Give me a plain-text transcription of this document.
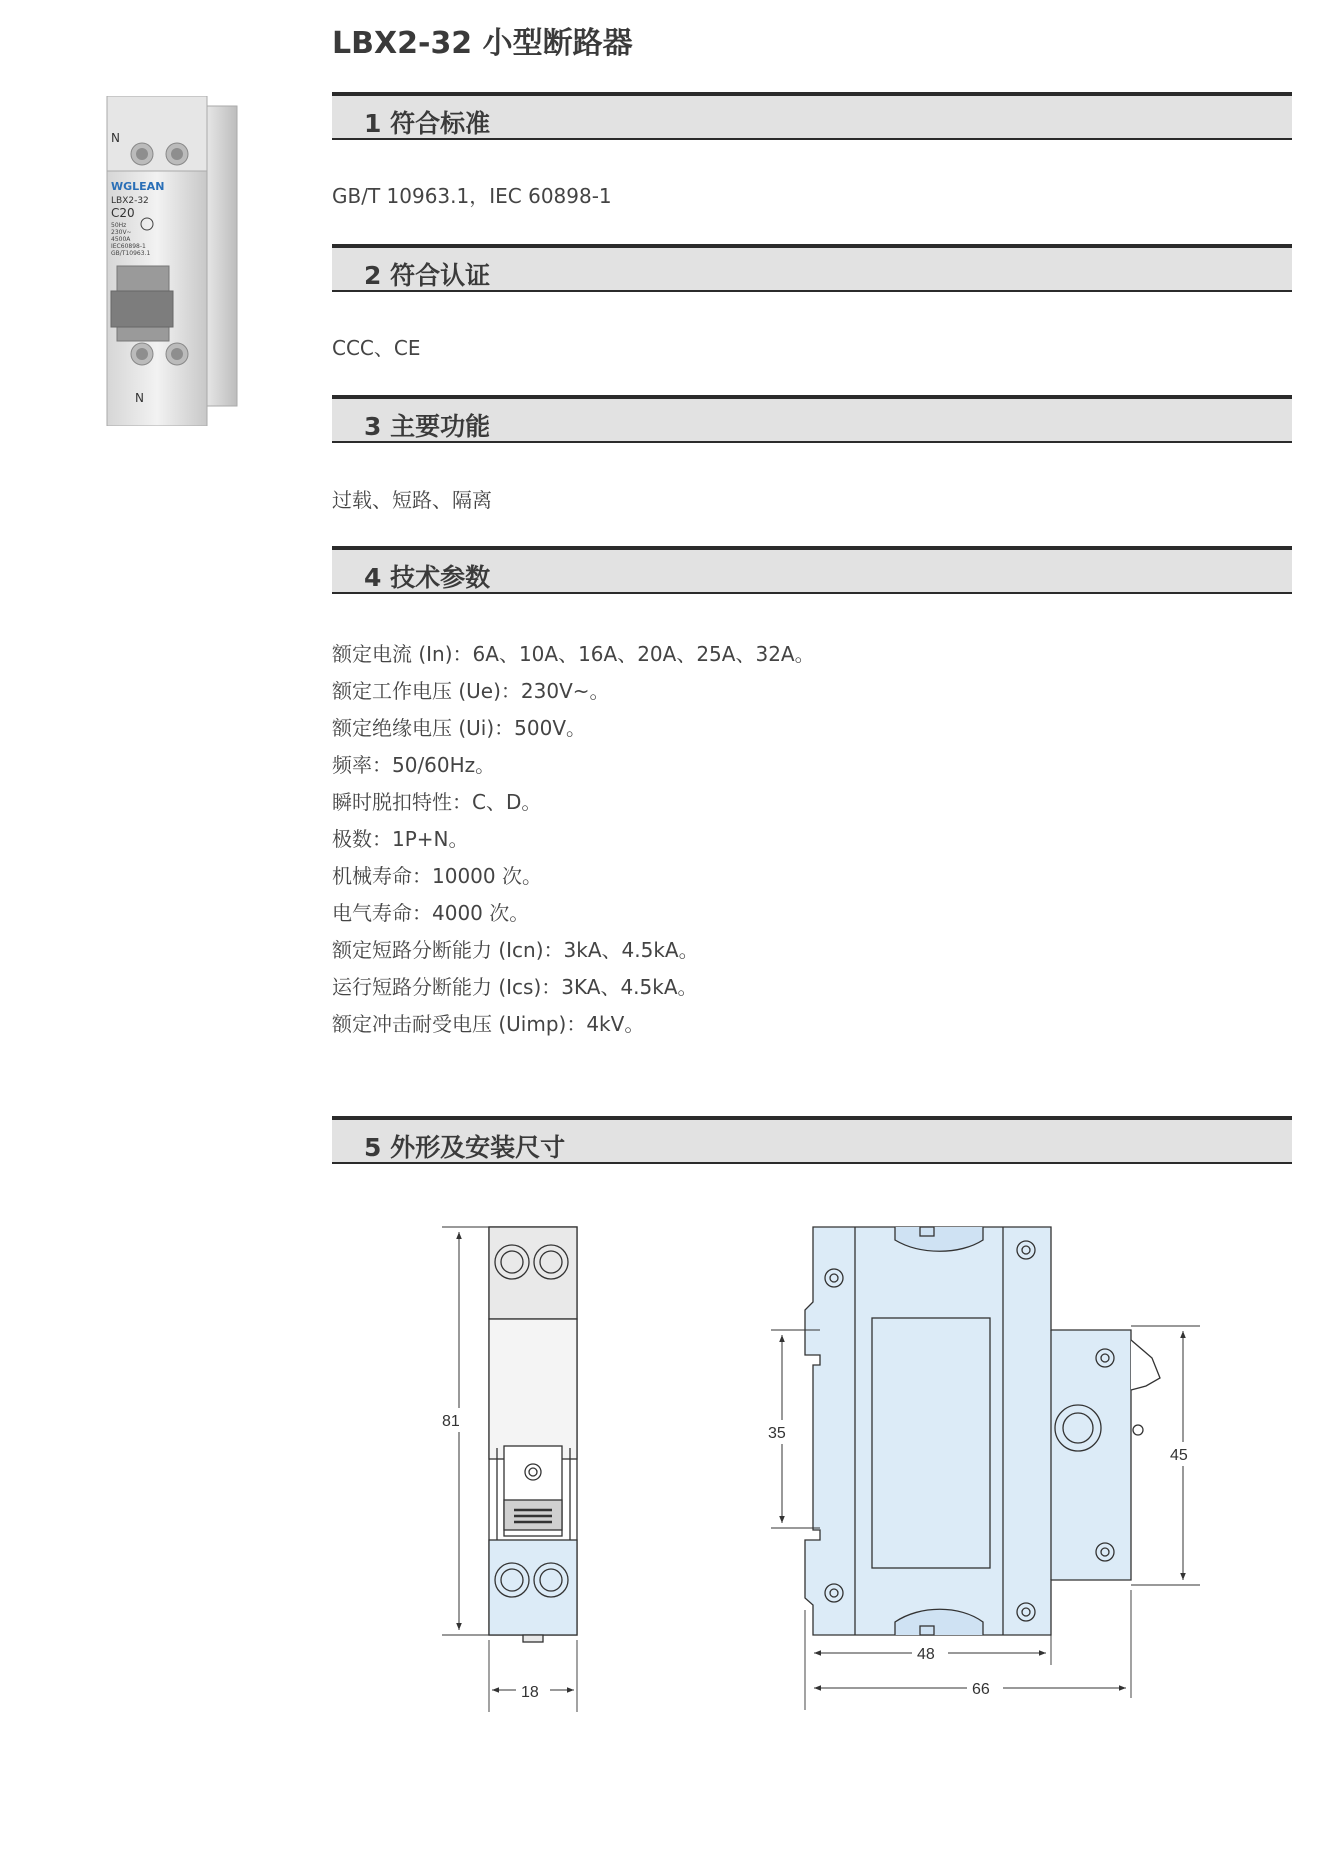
LBX2-32 小型断路器
N
WGLEAN
LBX2-32
C20
50Hz
230V~
4500A
IEC60898-1
GB/T10963.1
N
1 符合标准
GB/T 10963.1，IEC 60898-1
2 符合认证
CCC、CE
3 主要功能
过载、短路、隔离
4 技术参数
额定电流 (In)：6A、10A、16A、20A、25A、32A。
额定工作电压 (Ue)：230V~。
额定绝缘电压 (Ui)：500V。
频率：50/60Hz。
瞬时脱扣特性：C、D。
极数：1P+N。
机械寿命：10000 次。
电气寿命：4000 次。
额定短路分断能力 (Icn)：3kA、4.5kA。
运行短路分断能力 (Ics)：3KA、4.5kA。
额定冲击耐受电压 (Uimp)：4kV。
5 外形及安装尺寸
81
18
35
45
48
66
